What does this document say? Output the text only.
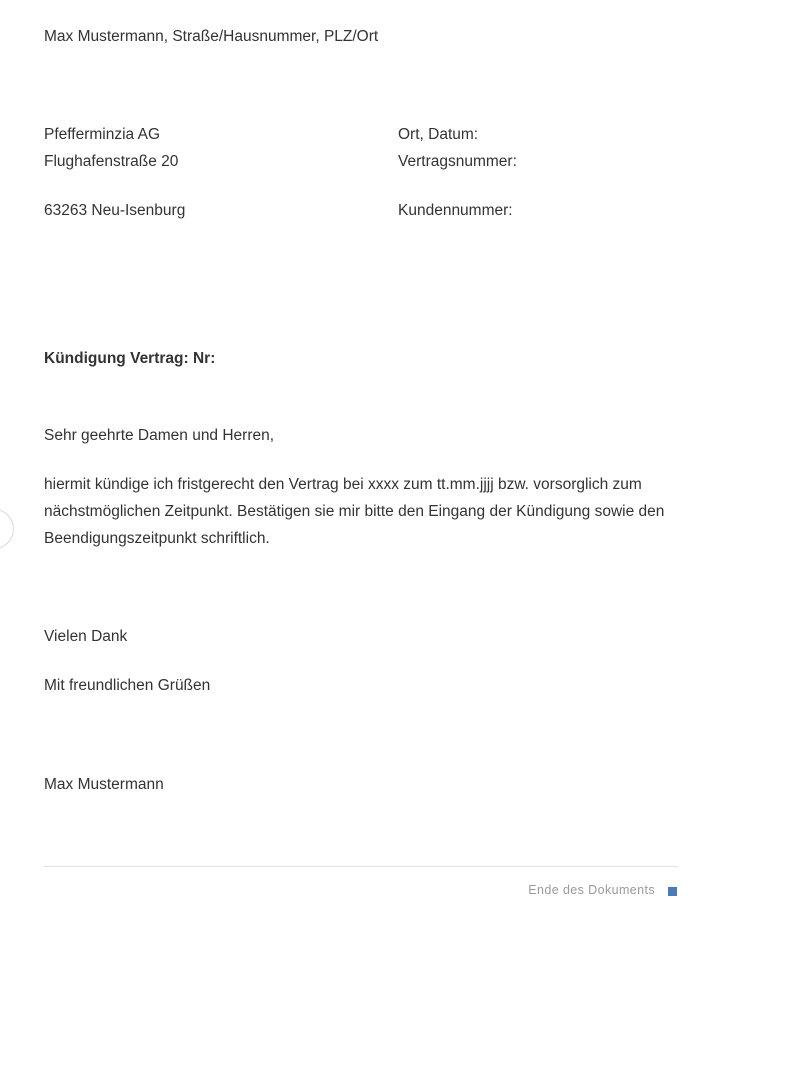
Max Mustermann, Straße/Hausnummer, PLZ/Ort
Pfefferminzia AG
Flughafenstraße 20
63263 Neu-Isenburg
Ort, Datum:
Vertragsnummer:
Kundennummer:
Kündigung Vertrag: Nr:
Sehr geehrte Damen und Herren,
hiermit kündige ich fristgerecht den Vertrag bei xxxx zum tt.mm.jjjj bzw. vorsorglich zum nächstmöglichen Zeitpunkt. Bestätigen sie mir bitte den Eingang der Kündigung sowie den Beendigungszeitpunkt schriftlich.
Vielen Dank
Mit freundlichen Grüßen
Max Mustermann
Ende des Dokuments
